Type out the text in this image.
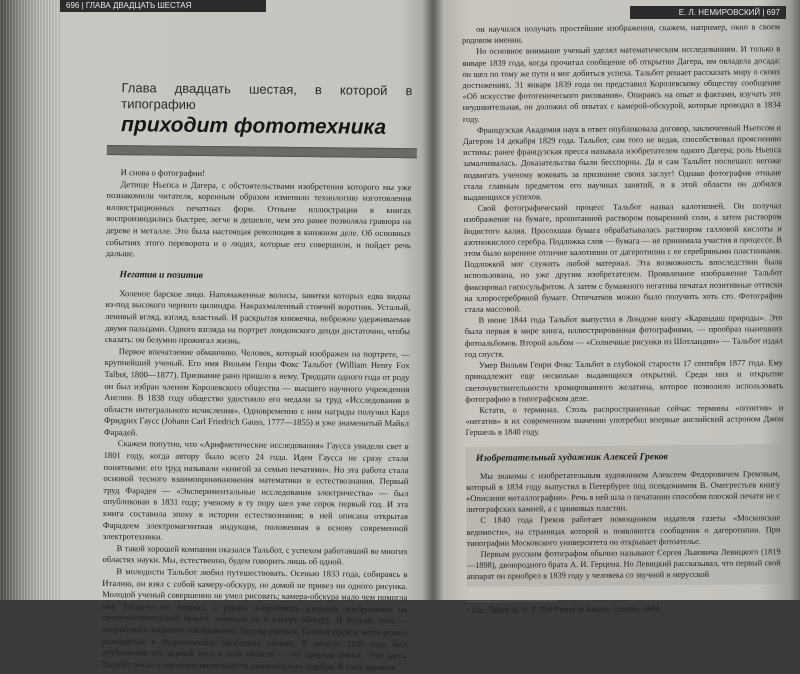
696 | ГЛАВА ДВАДЦАТЬ ШЕСТАЯ
Е. Л. НЕМИРОВСКИЙ | 697
Глава двадцать шестая, в которой в типографию
приходит фототехника

И снова о фотографии!

Детище Ньепса и Дагера, с обстоятельствами изобретения которого мы уже познакомили читателя, коренным образом изменило технологию изготовления иллюстрационных печатных форм. Отныне иллюстрации в книгах воспроизводились быстрее, легче и дешевле, чем это ранее позволяла гравюра на дереве и металле. Это была настоящая революция в книжном деле. Об основных событиях этого переворота и о людях, которые его совершили, и пойдет речь дальше.

Негатив и позитив

Холеное барское лицо. Напомаженные волосы, завитки которых едва видны из-под высокого черного цилиндра. Накрахмаленный стоячий воротник. Усталый, ленивый вгляд, взгляд, властный. И раскрытая книжечка, небрежно удерживаемая двумя пальцами. Одного взгляда на портрет лондонского денди достаточно, чтобы сказать: он безумно прожигал жизнь.

Первое впечатление обманчиво. Человек, который изображен на портрете, — крупнейший ученый. Его имя Вильям Генри Фокс Тальбот (William Henry Fox Talbot, 1800—1877). Признание рано пришло к нему. Тридцати одного года от роду он был избран членом Королевского общества — высшего научного учреждения Англии. В 1838 году общество удостоило его медали за труд «Исследования в области интегрального исчисления». Одновременно с ним награды получил Карл Фридрих Гаусс (Johann Carl Friedrich Gauss, 1777—1855) и уже знаменитый Майкл Фарадей.

Скажем попутно, что «Арифметические исследования» Гаусса увидели свет в 1801 году, когда автору было всего 24 года. Идеи Гаусса не сразу стали понятными: его труд называли «книгой за семью печатями». Но эта работа стала основой тесного взаимопроникновения математики и естествознания. Первый труд Фарадея — «Экспериментальные исследования электричества» — был опубликован в 1831 году; ученому в ту пору шел уже сорок первый год. И эта книга составила эпоху в истории естествознания; в ней описана открытая Фарадеем электромагнитная индукция, положенная в основу современной электротехники.

В такой хорошей компании оказался Тальбот, с успехом работавший во многих областях науки. Мы, естественно, будем говорить лишь об одной.

В молодости Тальбот любил путешествовать. Осенью 1833 года, собираясь в Италию, он взял с собой камеру-обскуру, но домой не привез ни одного рисунка. Молодой ученый совершенно не умел рисовать; камера-обскура мало чем помогла ему. Тогда-то он, видимо, и решил попробовать удержать изображение на светочувствительной бумаге, помещая ее в камеру-обскуру. И больше того — попробовать закрепить изображение. Будучи ученым, Тальбот прежде всего решил разобраться в теоретических проблемах оптики. В августе 1835 года был опубликован его первый труд в этой области — «О природе света». Уже здесь Тальбот писал о светочувствительности азотнокислого серебра. К тому времени

он научился получать простейшие изображения, скажем, например, окно в своем родовом имении.

Но основное внимание ученый уделял математическим исследованиям. И только в январе 1839 года, когда прочитал сообщение об открытии Дагера, им овладела досада: он шел по тому же пути и мог добиться успеха. Тальбот решает рассказать миру о своих достижениях. 31 января 1839 года он представил Королевскому обществу сообщение «Об искусстве фотогенического рисования». Опираясь на опыт и фактами, изучать это неудивительная, он доложил об опытах с камерой-обскурой, которые проводил в 1834 году.

Французская Академия наук в ответ опубликовала договор, заключенный Ньепсом и Дагером 14 декабря 1829 года. Тальбот, сам того не ведая, способствовал прояснению истины: ранее французская пресса называла изобретателем одного Дагера; роль Ньепса замалчивалась. Доказательства были бесспорны. Да и сам Тальбот поспешил: негоже подвигать ученому вокевать за признание своих заслуг! Однако фотография отныне стала главным предметом его научных занятий, и в этой области он добился выдающихся успехов.

Свой фотографический процесс Тальбот назвал калотипией. Он получал изображение на бумаге, пропитанной раствором поваренной соли, а затем раствором йодистого калия. Просохшая бумага обрабатывалась раствором галловой кислоты и азотнокислого серебра. Подложка слоя — бумага — не принимала участия в процессе. В этом было коренное отличие калотипии от дагеротипии с ее серебряными пластинками. Подложкой мог служить любой материал. Эта возможность впоследствии была использована, но уже другим изобретателем. Проявленное изображение Тальбот фиксировал гипосульфитом. А затем с бумажного негатива печатал позитивные оттиски на хлоросеребряной бумаге. Отпечатков можно было получить хоть сто. Фотография стала массовой.

В июне 1844 года Тальбот выпустил в Лондоне книгу «Карандаш природы». Это была первая в мире книга, иллюстрированная фотографиями, — прообраз нынешних фотоальбомов. Второй альбом — «Солнечные рисунки из Шотландии» — Тальбот издал год спустя.

Умер Вильям Генри Фокс Тальбот в глубокой старости 17 сентября 1877 года. Ему принадлежит еще несколько выдающихся открытий. Среди них и открытие светочувствительности хромированного желатина, которое позволило использовать фотографию в типографском деле.

Кстати, о терминах. Столь распространенные сейчас термины «позитив» и «негатив» в их современном значении употребил впервые английский астроном Джон Гершель в 1840 году.

Изобретательный художник Алексей Греков

Мы знакомы с изобретательным художником Алексеем Федоровичем Грековым, который в 1834 году выпустил в Петербурге под псевдонимом В. Омегрестьев книгу «Описание металлографии». Речь в ней шла о печатании способом плоской печати не с литографских камней, а с цинковых пластин.

С 1840 года Греков работает помощником издателя газеты «Московские ведомости», на страницах которой и появляются сообщения о дагеротипии. При типографии Московского университета он открывает фотоателье.

Первым русским фотографом обычно называют Сергея Львовича Левицкого (1819—1898), двоюродного брата А. И. Герцена. Но Левицкий рассказывал, что первый свой аппарат он приобрел в 1839 году у человека со звучной и нерусской

¹ См.: Talbot W. H. F. The Pencil of Nature. London, 1844.
